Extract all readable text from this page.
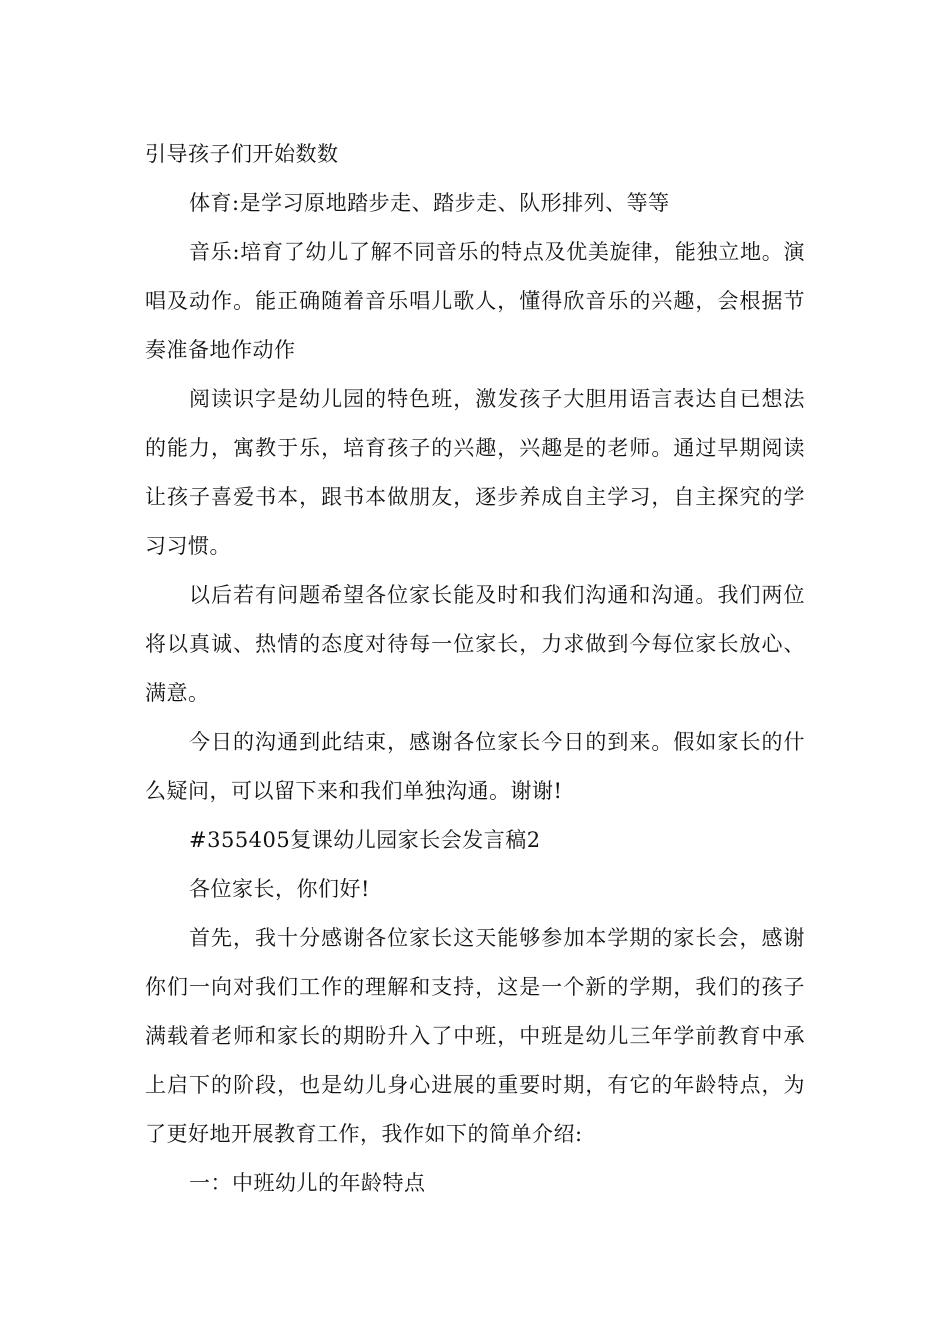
引导孩子们开始数数

体育:是学习原地踏步走、踏步走、队形排列、等等

音乐:培育了幼儿了解不同音乐的特点及优美旋律，能独立地。演唱及动作。能正确随着音乐唱儿歌人，懂得欣音乐的兴趣，会根据节奏准备地作动作

阅读识字是幼儿园的特色班，激发孩子大胆用语言表达自已想法的能力，寓教于乐，培育孩子的兴趣，兴趣是的老师。通过早期阅读让孩子喜爱书本，跟书本做朋友，逐步养成自主学习，自主探究的学习习惯。

以后若有问题希望各位家长能及时和我们沟通和沟通。我们两位将以真诚、热情的态度对待每一位家长，力求做到今每位家长放心、满意。

今日的沟通到此结束，感谢各位家长今日的到来。假如家长的什么疑问，可以留下来和我们单独沟通。谢谢!

#355405复课幼儿园家长会发言稿2

各位家长，你们好!

首先，我十分感谢各位家长这天能够参加本学期的家长会，感谢你们一向对我们工作的理解和支持，这是一个新的学期，我们的孩子满载着老师和家长的期盼升入了中班，中班是幼儿三年学前教育中承上启下的阶段，也是幼儿身心进展的重要时期，有它的年龄特点，为了更好地开展教育工作，我作如下的简单介绍:

一：中班幼儿的年龄特点
